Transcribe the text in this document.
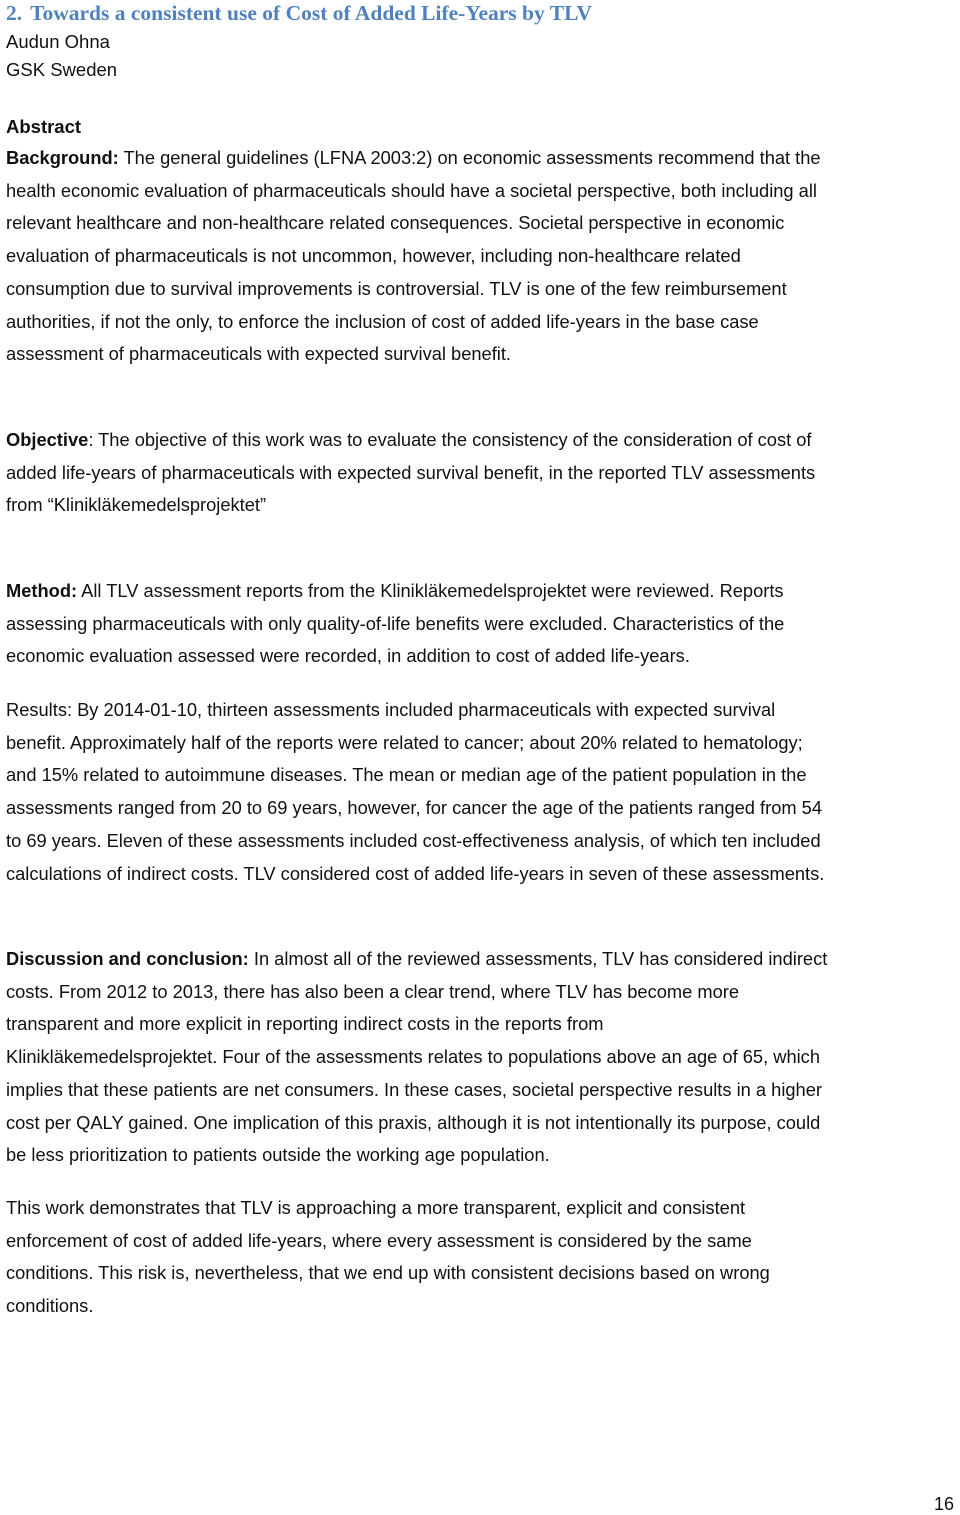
2. Towards a consistent use of Cost of Added Life-Years by TLV

Audun Ohna

GSK Sweden

Abstract

Background: The general guidelines (LFNA 2003:2) on economic assessments recommend that the
health economic evaluation of pharmaceuticals should have a societal perspective, both including all
relevant healthcare and non-healthcare related consequences. Societal perspective in economic
evaluation of pharmaceuticals is not uncommon, however, including non-healthcare related
consumption due to survival improvements is controversial. TLV is one of the few reimbursement
authorities, if not the only, to enforce the inclusion of cost of added life-years in the base case
assessment of pharmaceuticals with expected survival benefit.
Objective: The objective of this work was to evaluate the consistency of the consideration of cost of
added life-years of pharmaceuticals with expected survival benefit, in the reported TLV assessments
from “Klinikläkemedelsprojektet”
Method: All TLV assessment reports from the Klinikläkemedelsprojektet were reviewed. Reports
assessing pharmaceuticals with only quality-of-life benefits were excluded. Characteristics of the
economic evaluation assessed were recorded, in addition to cost of added life-years.
Results: By 2014-01-10, thirteen assessments included pharmaceuticals with expected survival
benefit. Approximately half of the reports were related to cancer; about 20% related to hematology;
and 15% related to autoimmune diseases. The mean or median age of the patient population in the
assessments ranged from 20 to 69 years, however, for cancer the age of the patients ranged from 54
to 69 years. Eleven of these assessments included cost-effectiveness analysis, of which ten included
calculations of indirect costs. TLV considered cost of added life-years in seven of these assessments.
Discussion and conclusion: In almost all of the reviewed assessments, TLV has considered indirect
costs. From 2012 to 2013, there has also been a clear trend, where TLV has become more
transparent and more explicit in reporting indirect costs in the reports from
Klinikläkemedelsprojektet. Four of the assessments relates to populations above an age of 65, which
implies that these patients are net consumers. In these cases, societal perspective results in a higher
cost per QALY gained. One implication of this praxis, although it is not intentionally its purpose, could
be less prioritization to patients outside the working age population.
This work demonstrates that TLV is approaching a more transparent, explicit and consistent
enforcement of cost of added life-years, where every assessment is considered by the same
conditions. This risk is, nevertheless, that we end up with consistent decisions based on wrong
conditions.
16
